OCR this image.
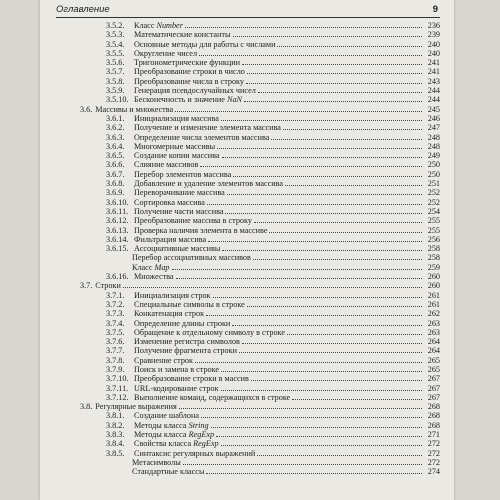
Оглавление	9
3.5.2.	Класс Number	236
3.5.3.	Математические константы	239
3.5.4.	Основные методы для работы с числами	240
3.5.5.	Округление чисел	240
3.5.6.	Тригонометрические функции	241
3.5.7.	Преобразование строки в число	241
3.5.8.	Преобразование числа в строку	243
3.5.9.	Генерация псевдослучайных чисел	244
3.5.10. Бесконечность и значение NaN	244
3.6. Массивы и множества	245
3.6.1.	Инициализация массива	246
3.6.2.	Получение и изменение элемента массива	247
3.6.3.	Определение числа элементов массива	248
3.6.4.	Многомерные массивы	248
3.6.5.	Создание копии массива	249
3.6.6.	Слияние массивов	250
3.6.7.	Перебор элементов массива	250
3.6.8.	Добавление и удаление элементов массива	251
3.6.9.	Переворачивание массива	252
3.6.10. Сортировка массива	252
3.6.11. Получение части массива	254
3.6.12. Преобразование массива в строку	255
3.6.13. Проверка наличия элемента в массиве	255
3.6.14. Фильтрация массива	256
3.6.15. Ассоциативные массивы	258
Перебор ассоциативных массивов	258
Класс Map	259
3.6.16. Множества	260
3.7. Строки	260
3.7.1.	Инициализация строк	261
3.7.2.	Специальные символы в строке	261
3.7.3.	Конкатенация строк	262
3.7.4.	Определение длины строки	263
3.7.5.	Обращение к отдельному символу в строке	263
3.7.6.	Изменение регистра символов	264
3.7.7.	Получение фрагмента строки	264
3.7.8.	Сравнение строк	265
3.7.9.	Поиск и замена в строке	265
3.7.10. Преобразование строки в массив	267
3.7.11. URL-кодирование строк	267
3.7.12. Выполнение команд, содержащихся в строке	267
3.8. Регулярные выражения	268
3.8.1.	Создание шаблона	268
3.8.2.	Методы класса String	268
3.8.3.	Методы класса RegExp	271
3.8.4.	Свойства класса RegExp	272
3.8.5.	Синтаксис регулярных выражений	272
Метасимволы	272
Стандартные классы	274
